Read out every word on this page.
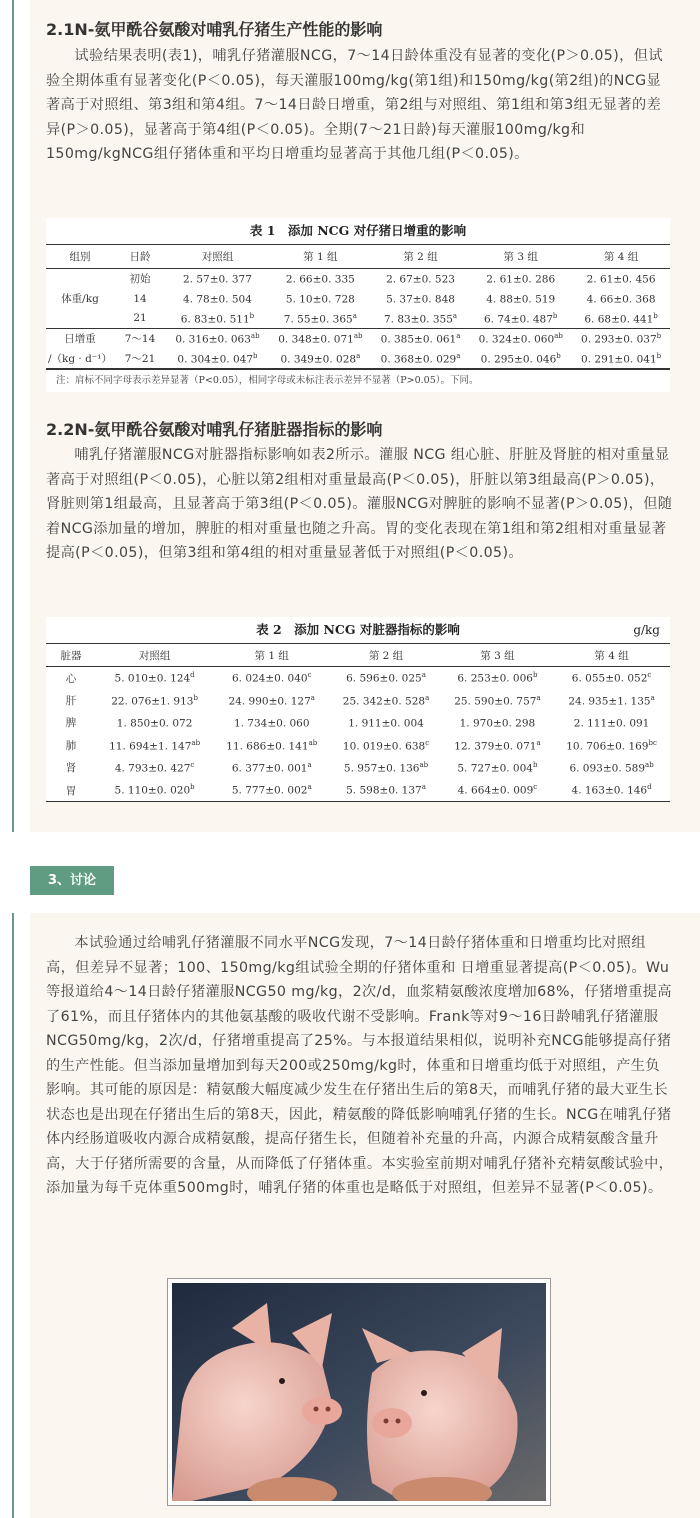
2.1N-氨甲酰谷氨酸对哺乳仔猪生产性能的影响

试验结果表明(表1)，哺乳仔猪灌服NCG，7～14日龄体重没有显著的变化(P＞0.05)，但试验全期体重有显著变化(P＜0.05)，每天灌服100mg/kg(第1组)和150mg/kg(第2组)的NCG显著高于对照组、第3组和第4组。7～14日龄日增重，第2组与对照组、第1组和第3组无显著的差异(P＞0.05)，显著高于第4组(P＜0.05)。全期(7～21日龄)每天灌服100mg/kg和150mg/kgNCG组仔猪体重和平均日增重均显著高于其他几组(P＜0.05)。

表 1　添加 NCG 对仔猪日增重的影响
组别	日龄	对照组	第 1 组	第 2 组	第 3 组	第 4 组
体重/kg	初始	2. 57±0. 377	2. 66±0. 335	2. 67±0. 523	2. 61±0. 286	2. 61±0. 456
	14	4. 78±0. 504	5. 10±0. 728	5. 37±0. 848	4. 88±0. 519	4. 66±0. 368
	21	6. 83±0. 511$^b$	7. 55±0. 365$^a$	7. 83±0. 355$^a$	6. 74±0. 487$^b$	6. 68±0. 441$^b$
日增重	7～14	0. 316±0. $063^{ab}$	0. 348±0. $071^{ab}$	0. 385±0. 061$^a$	0. 324±0. $060^{ab}$	0. 293±0. 037$^b$
/（kg · d⁻¹）	7～21	0. 304±0. 047$^b$	0. 349±0. 028$^a$	0. 368±0. 029$^a$	0. 295±0. 046$^b$	0. 291±0. 041$^b$
注：肩标不同字母表示差异显著（P<0.05），相同字母或未标注表示差异不显著（P>0.05）。下同。
2.2N-氨甲酰谷氨酸对哺乳仔猪脏器指标的影响

哺乳仔猪灌服NCG对脏器指标影响如表2所示。灌服 NCG 组心脏、肝脏及肾脏的相对重量显著高于对照组(P＜0.05)，心脏以第2组相对重量最高(P＜0.05)，肝脏以第3组最高(P＞0.05)，肾脏则第1组最高，且显著高于第3组(P＜0.05)。灌服NCG对脾脏的影响不显著(P＞0.05)，但随着NCG添加量的增加，脾脏的相对重量也随之升高。胃的变化表现在第1组和第2组相对重量显著提高(P＜0.05)，但第3组和第4组的相对重量显著低于对照组(P＜0.05)。

表 2　添加 NCG 对脏器指标的影响	g/kg
脏器	对照组	第 1 组	第 2 组	第 3 组	第 4 组
心	5. 010±0. 124$^d$	6. 024±0. 040$^c$	6. 596±0. 025$^a$	6. 253±0. 006$^b$	6. 055±0. 052$^c$
肝	22. 076±1. 913$^b$	24. 990±0. 127$^a$	25. 342±0. 528$^a$	25. 590±0. 757$^a$	24. 935±1. 135$^a$
脾	1. 850±0. 072	1. 734±0. 060	1. 911±0. 004	1. 970±0. 298	2. 111±0. 091
肺	11. 694±1. $147^{ab}$	11. 686±0. $141^{ab}$	10. 019±0. 638$^c$	12. 379±0. 071$^a$	10. 706±0. $169^{bc}$
肾	4. 793±0. 427$^c$	6. 377±0. 001$^a$	5. 957±0. $136^{ab}$	5. 727±0. 004$^b$	6. 093±0. $589^{ab}$
胃	5. 110±0. 020$^b$	5. 777±0. 002$^a$	5. 598±0. 137$^a$	4. 664±0. 009$^c$	4. 163±0. 146$^d$
3、讨论

本试验通过给哺乳仔猪灌服不同水平NCG发现，7～14日龄仔猪体重和日增重均比对照组高，但差异不显著；100、150mg/kg组试验全期的仔猪体重和 日增重显著提高(P＜0.05)。Wu等报道给4～14日龄仔猪灌服NCG50 mg/kg，2次/d，血浆精氨酸浓度增加68%，仔猪增重提高了61%，而且仔猪体内的其他氨基酸的吸收代谢不受影响。Frank等对9～16日龄哺乳仔猪灌服NCG50mg/kg，2次/d，仔猪增重提高了25%。与本报道结果相似，说明补充NCG能够提高仔猪的生产性能。但当添加量增加到每天200或250mg/kg时，体重和日增重均低于对照组，产生负影响。其可能的原因是：精氨酸大幅度减少发生在仔猪出生后的第8天，而哺乳仔猪的最大亚生长状态也是出现在仔猪出生后的第8天，因此，精氨酸的降低影响哺乳仔猪的生长。NCG在哺乳仔猪体内经肠道吸收内源合成精氨酸，提高仔猪生长，但随着补充量的升高，内源合成精氨酸含量升高，大于仔猪所需要的含量，从而降低了仔猪体重。本实验室前期对哺乳仔猪补充精氨酸试验中，添加量为每千克体重500mg时，哺乳仔猪的体重也是略低于对照组，但差异不显著(P＜0.05)。
